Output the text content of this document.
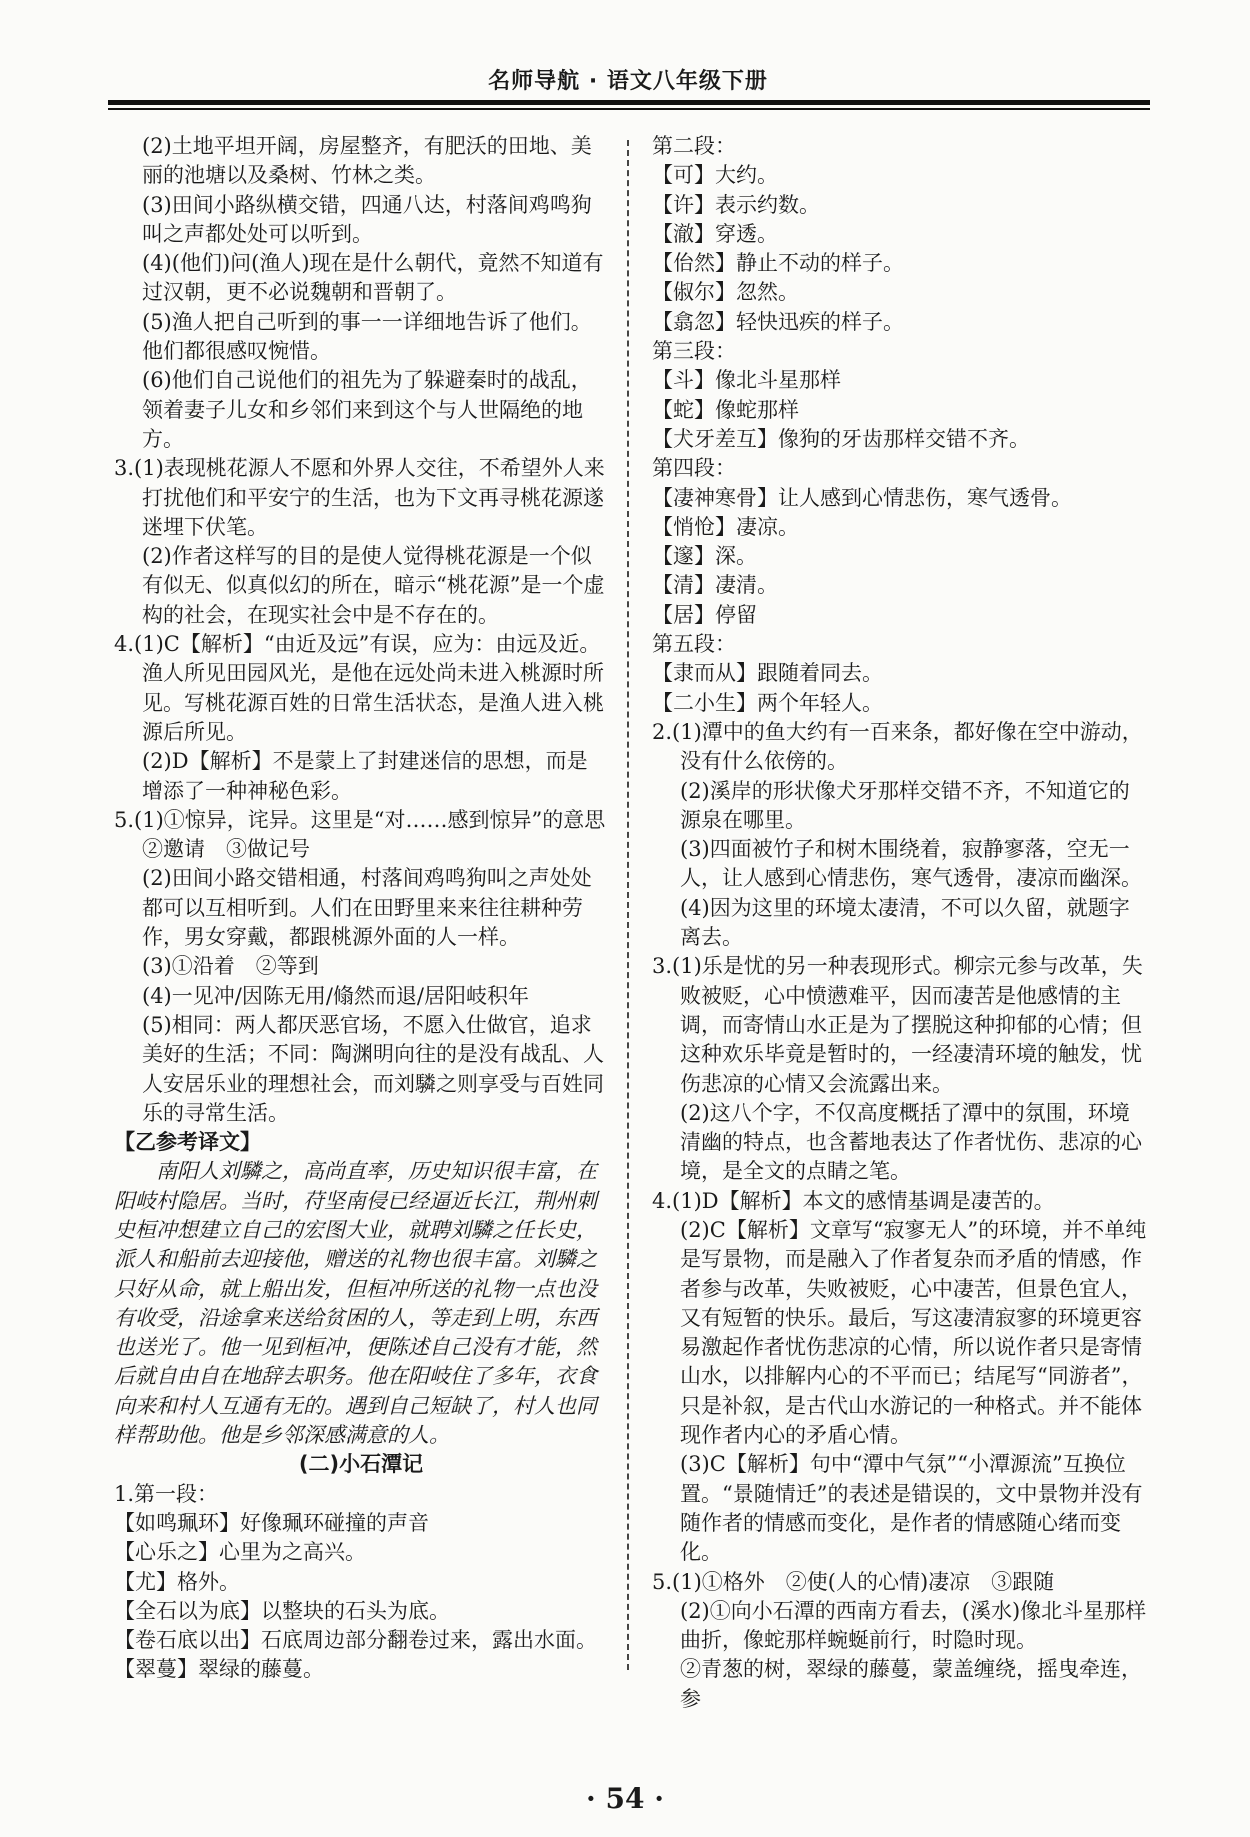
名师导航 · 语文八年级下册

(2)土地平坦开阔，房屋整齐，有肥沃的田地、美丽的池塘以及桑树、竹林之类。

(3)田间小路纵横交错，四通八达，村落间鸡鸣狗叫之声都处处可以听到。

(4)(他们)问(渔人)现在是什么朝代，竟然不知道有过汉朝，更不必说魏朝和晋朝了。

(5)渔人把自己听到的事一一详细地告诉了他们。他们都很感叹惋惜。

(6)他们自己说他们的祖先为了躲避秦时的战乱，领着妻子儿女和乡邻们来到这个与人世隔绝的地方。

3.(1)表现桃花源人不愿和外界人交往，不希望外人来打扰他们和平安宁的生活，也为下文再寻桃花源遂迷埋下伏笔。

(2)作者这样写的目的是使人觉得桃花源是一个似有似无、似真似幻的所在，暗示“桃花源”是一个虚构的社会，在现实社会中是不存在的。

4.(1)C【解析】“由近及远”有误，应为：由远及近。渔人所见田园风光，是他在远处尚未进入桃源时所见。写桃花源百姓的日常生活状态，是渔人进入桃源后所见。

(2)D【解析】不是蒙上了封建迷信的思想，而是增添了一种神秘色彩。

5.(1)①惊异，诧异。这里是“对……感到惊异”的意思　②邀请　③做记号

(2)田间小路交错相通，村落间鸡鸣狗叫之声处处都可以互相听到。人们在田野里来来往往耕种劳作，男女穿戴，都跟桃源外面的人一样。

(3)①沿着　②等到

(4)一见冲/因陈无用/翛然而退/居阳岐积年

(5)相同：两人都厌恶官场，不愿入仕做官，追求美好的生活；不同：陶渊明向往的是没有战乱、人人安居乐业的理想社会，而刘驎之则享受与百姓同乐的寻常生活。

【乙参考译文】

南阳人刘驎之，高尚直率，历史知识很丰富，在阳岐村隐居。当时，苻坚南侵已经逼近长江，荆州刺史桓冲想建立自己的宏图大业，就聘刘驎之任长史，派人和船前去迎接他，赠送的礼物也很丰富。刘驎之只好从命，就上船出发，但桓冲所送的礼物一点也没有收受，沿途拿来送给贫困的人，等走到上明，东西也送光了。他一见到桓冲，便陈述自己没有才能，然后就自由自在地辞去职务。他在阳岐住了多年，衣食向来和村人互通有无的。遇到自己短缺了，村人也同样帮助他。他是乡邻深感满意的人。

(二)小石潭记

1.第一段：

【如鸣珮环】好像珮环碰撞的声音

【心乐之】心里为之高兴。

【尤】格外。

【全石以为底】以整块的石头为底。

【卷石底以出】石底周边部分翻卷过来，露出水面。

【翠蔓】翠绿的藤蔓。

第二段：

【可】大约。

【许】表示约数。

【澈】穿透。

【佁然】静止不动的样子。

【俶尔】忽然。

【翕忽】轻快迅疾的样子。

第三段：

【斗】像北斗星那样

【蛇】像蛇那样

【犬牙差互】像狗的牙齿那样交错不齐。

第四段：

【凄神寒骨】让人感到心情悲伤，寒气透骨。

【悄怆】凄凉。

【邃】深。

【清】凄清。

【居】停留

第五段：

【隶而从】跟随着同去。

【二小生】两个年轻人。

2.(1)潭中的鱼大约有一百来条，都好像在空中游动，没有什么依傍的。

(2)溪岸的形状像犬牙那样交错不齐，不知道它的源泉在哪里。

(3)四面被竹子和树木围绕着，寂静寥落，空无一人，让人感到心情悲伤，寒气透骨，凄凉而幽深。

(4)因为这里的环境太凄清，不可以久留，就题字离去。

3.(1)乐是忧的另一种表现形式。柳宗元参与改革，失败被贬，心中愤懑难平，因而凄苦是他感情的主调，而寄情山水正是为了摆脱这种抑郁的心情；但这种欢乐毕竟是暂时的，一经凄清环境的触发，忧伤悲凉的心情又会流露出来。

(2)这八个字，不仅高度概括了潭中的氛围，环境清幽的特点，也含蓄地表达了作者忧伤、悲凉的心境，是全文的点睛之笔。

4.(1)D【解析】本文的感情基调是凄苦的。

(2)C【解析】文章写“寂寥无人”的环境，并不单纯是写景物，而是融入了作者复杂而矛盾的情感，作者参与改革，失败被贬，心中凄苦，但景色宜人，又有短暂的快乐。最后，写这凄清寂寥的环境更容易激起作者忧伤悲凉的心情，所以说作者只是寄情山水，以排解内心的不平而已；结尾写“同游者”，只是补叙，是古代山水游记的一种格式。并不能体现作者内心的矛盾心情。

(3)C【解析】句中“潭中气氛”“小潭源流”互换位置。“景随情迁”的表述是错误的，文中景物并没有随作者的情感而变化，是作者的情感随心绪而变化。

5.(1)①格外　②使(人的心情)凄凉　③跟随

(2)①向小石潭的西南方看去，(溪水)像北斗星那样曲折，像蛇那样蜿蜒前行，时隐时现。

②青葱的树，翠绿的藤蔓，蒙盖缠绕，摇曳牵连，参

· 54 ·
